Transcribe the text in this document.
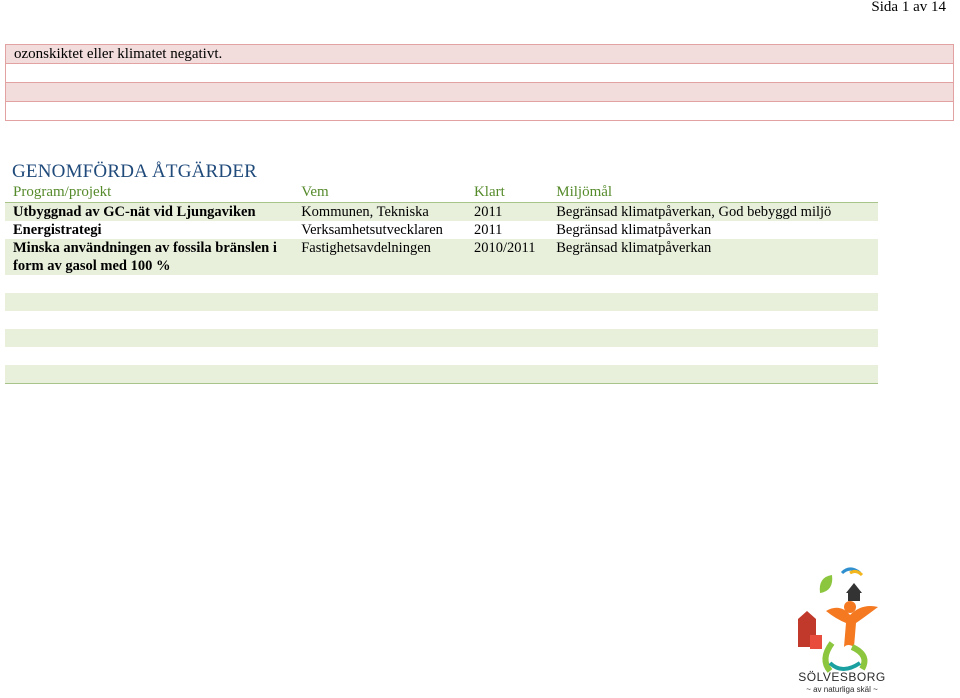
Sida 1 av 14
ozonskiktet eller klimatet negativt.

GENOMFÖRDA ÅTGÄRDER
Program/projekt	Vem	Klart	Miljömål
Utbyggnad av GC-nät vid Ljungaviken	Kommunen, Tekniska	2011	Begränsad klimatpåverkan, God bebyggd miljö
Energistrategi	Verksamhetsutvecklaren	2011	Begränsad klimatpåverkan
Minska användningen av fossila bränslen i form av gasol med 100 %	Fastighetsavdelningen	2010/2011	Begränsad klimatpåverkan

SÖLVESBORG
~ av naturliga skäl ~
